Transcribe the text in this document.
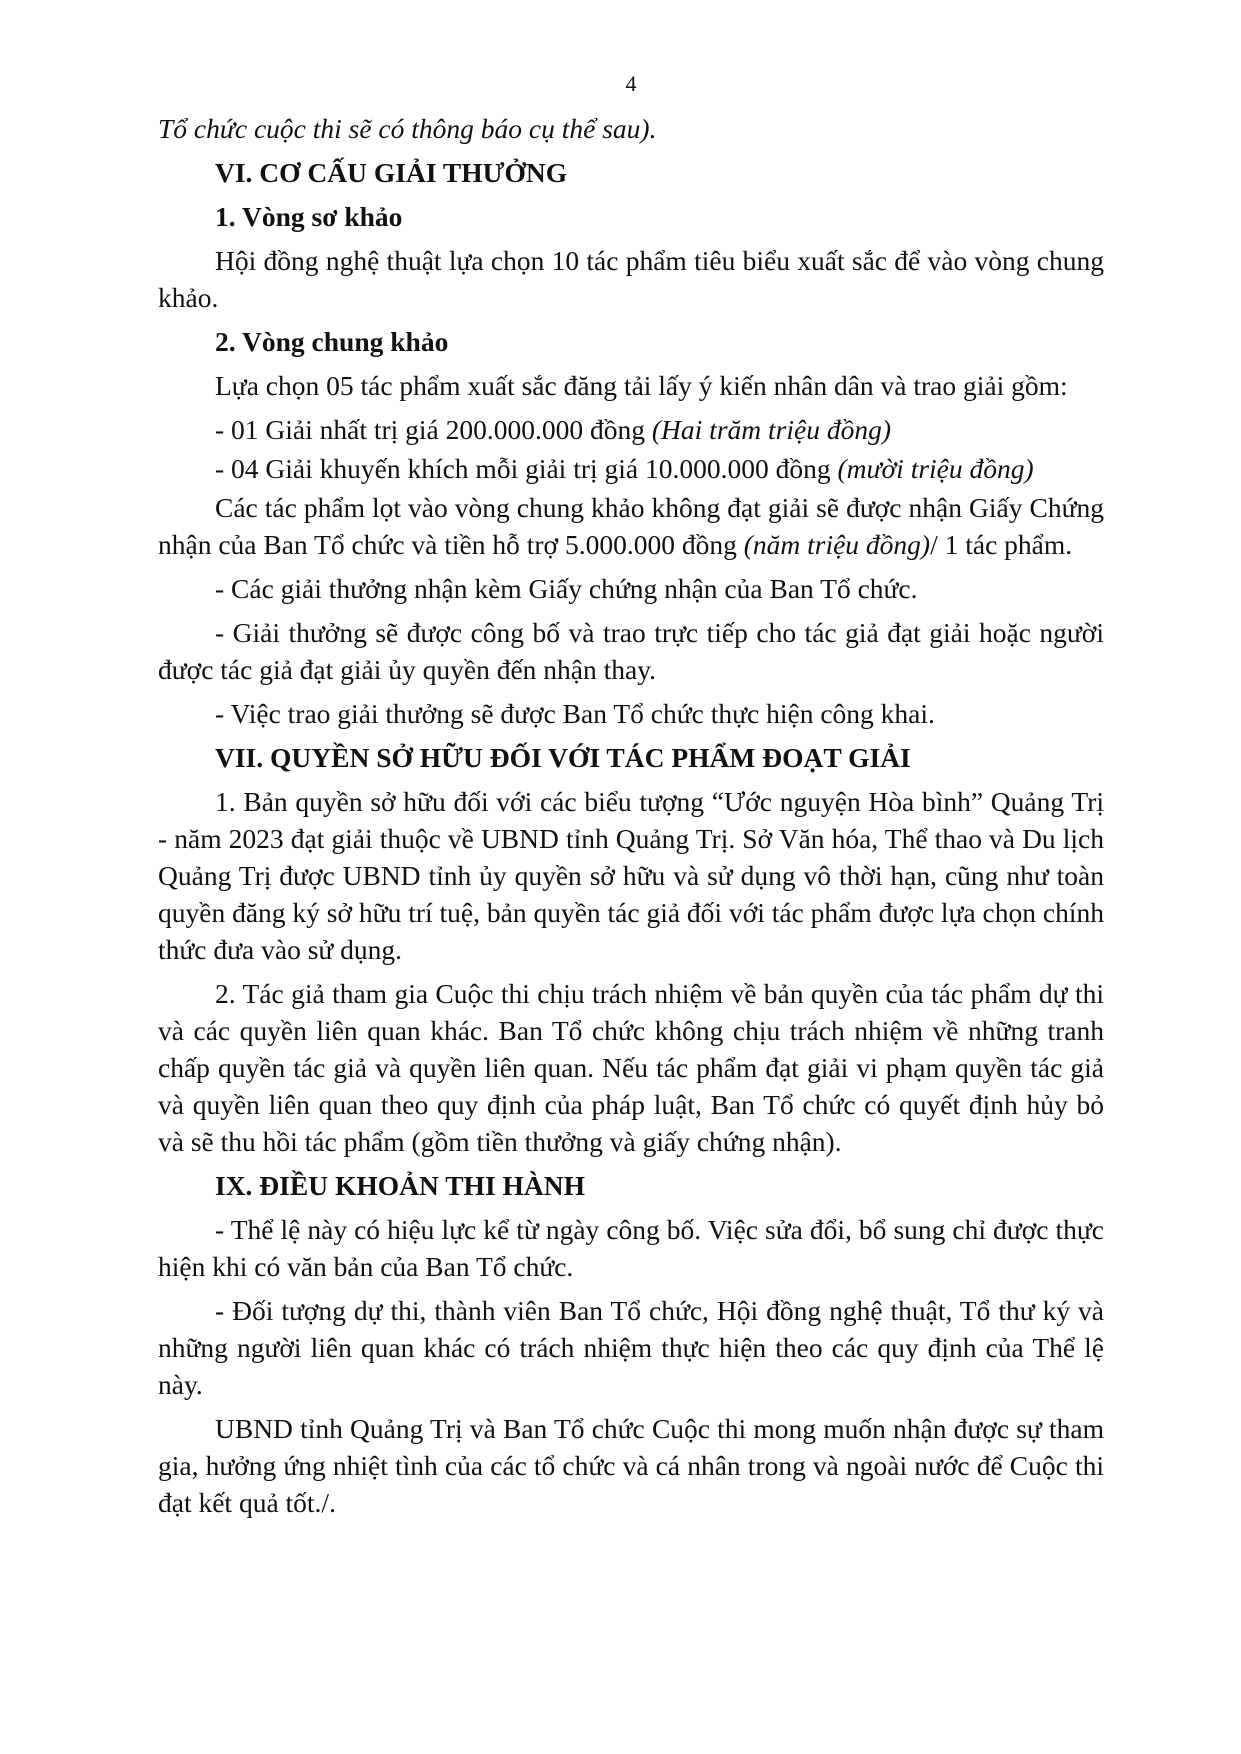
4

Tổ chức cuộc thi sẽ có thông báo cụ thể sau).

VI. CƠ CẤU GIẢI THƯỞNG

1. Vòng sơ khảo

Hội đồng nghệ thuật lựa chọn 10 tác phẩm tiêu biểu xuất sắc để vào vòng chung khảo.

2. Vòng chung khảo

Lựa chọn 05 tác phẩm xuất sắc đăng tải lấy ý kiến nhân dân và trao giải gồm:

- 01 Giải nhất trị giá 200.000.000 đồng (Hai trăm triệu đồng)

- 04 Giải khuyến khích mỗi giải trị giá 10.000.000 đồng (mười triệu đồng)

Các tác phẩm lọt vào vòng chung khảo không đạt giải sẽ được nhận Giấy Chứng nhận của Ban Tổ chức và tiền hỗ trợ 5.000.000 đồng (năm triệu đồng)/ 1 tác phẩm.

- Các giải thưởng nhận kèm Giấy chứng nhận của Ban Tổ chức.

- Giải thưởng sẽ được công bố và trao trực tiếp cho tác giả đạt giải hoặc người được tác giả đạt giải ủy quyền đến nhận thay.

- Việc trao giải thưởng sẽ được Ban Tổ chức thực hiện công khai.

VII. QUYỀN SỞ HỮU ĐỐI VỚI TÁC PHẨM ĐOẠT GIẢI

1. Bản quyền sở hữu đối với các biểu tượng “Ước nguyện Hòa bình” Quảng Trị - năm 2023 đạt giải thuộc về UBND tỉnh Quảng Trị. Sở Văn hóa, Thể thao và Du lịch Quảng Trị được UBND tỉnh ủy quyền sở hữu và sử dụng vô thời hạn, cũng như toàn quyền đăng ký sở hữu trí tuệ, bản quyền tác giả đối với tác phẩm được lựa chọn chính thức đưa vào sử dụng.

2. Tác giả tham gia Cuộc thi chịu trách nhiệm về bản quyền của tác phẩm dự thi và các quyền liên quan khác. Ban Tổ chức không chịu trách nhiệm về những tranh chấp quyền tác giả và quyền liên quan. Nếu tác phẩm đạt giải vi phạm quyền tác giả và quyền liên quan theo quy định của pháp luật, Ban Tổ chức có quyết định hủy bỏ và sẽ thu hồi tác phẩm (gồm tiền thưởng và giấy chứng nhận).

IX. ĐIỀU KHOẢN THI HÀNH

- Thể lệ này có hiệu lực kể từ ngày công bố. Việc sửa đổi, bổ sung chỉ được thực hiện khi có văn bản của Ban Tổ chức.

- Đối tượng dự thi, thành viên Ban Tổ chức, Hội đồng nghệ thuật, Tổ thư ký và những người liên quan khác có trách nhiệm thực hiện theo các quy định của Thể lệ này.

UBND tỉnh Quảng Trị và Ban Tổ chức Cuộc thi mong muốn nhận được sự tham gia, hưởng ứng nhiệt tình của các tổ chức và cá nhân trong và ngoài nước để Cuộc thi đạt kết quả tốt./.
